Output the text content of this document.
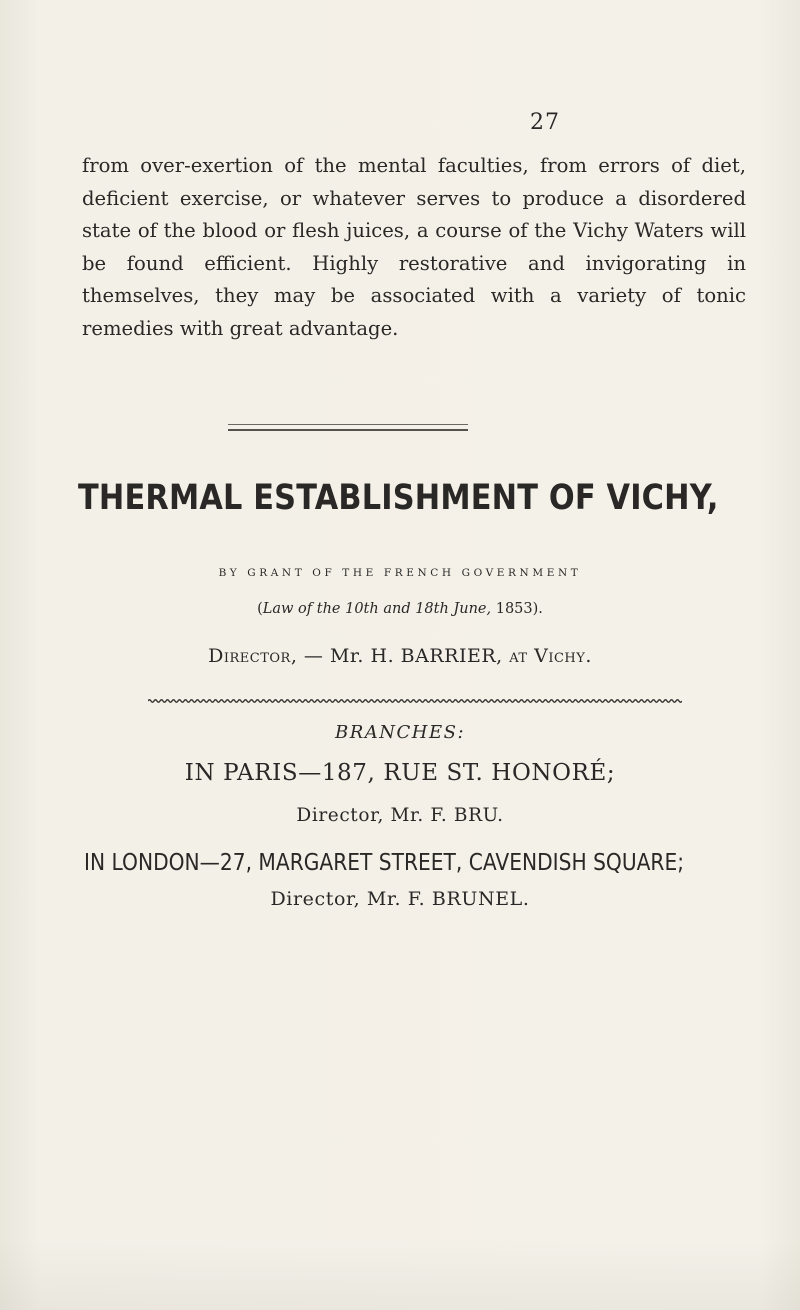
27

from over-exertion of the mental faculties, from errors of diet, deficient exercise, or whatever serves to produce a disordered state of the blood or flesh juices, a course of the Vichy Waters will be found efficient. Highly restorative and invigorating in themselves, they may be associated with a variety of tonic remedies with great advantage.

THERMAL ESTABLISHMENT OF VICHY,
BY GRANT OF THE FRENCH GOVERNMENT
(Law of the 10th and 18th June, 1853).
Director, — Mr. H. BARRIER, at Vichy.
BRANCHES:
IN PARIS—187, RUE ST. HONORÉ;
Director, Mr. F. BRU.
IN LONDON—27, MARGARET STREET, CAVENDISH SQUARE;
Director, Mr. F. BRUNEL.
